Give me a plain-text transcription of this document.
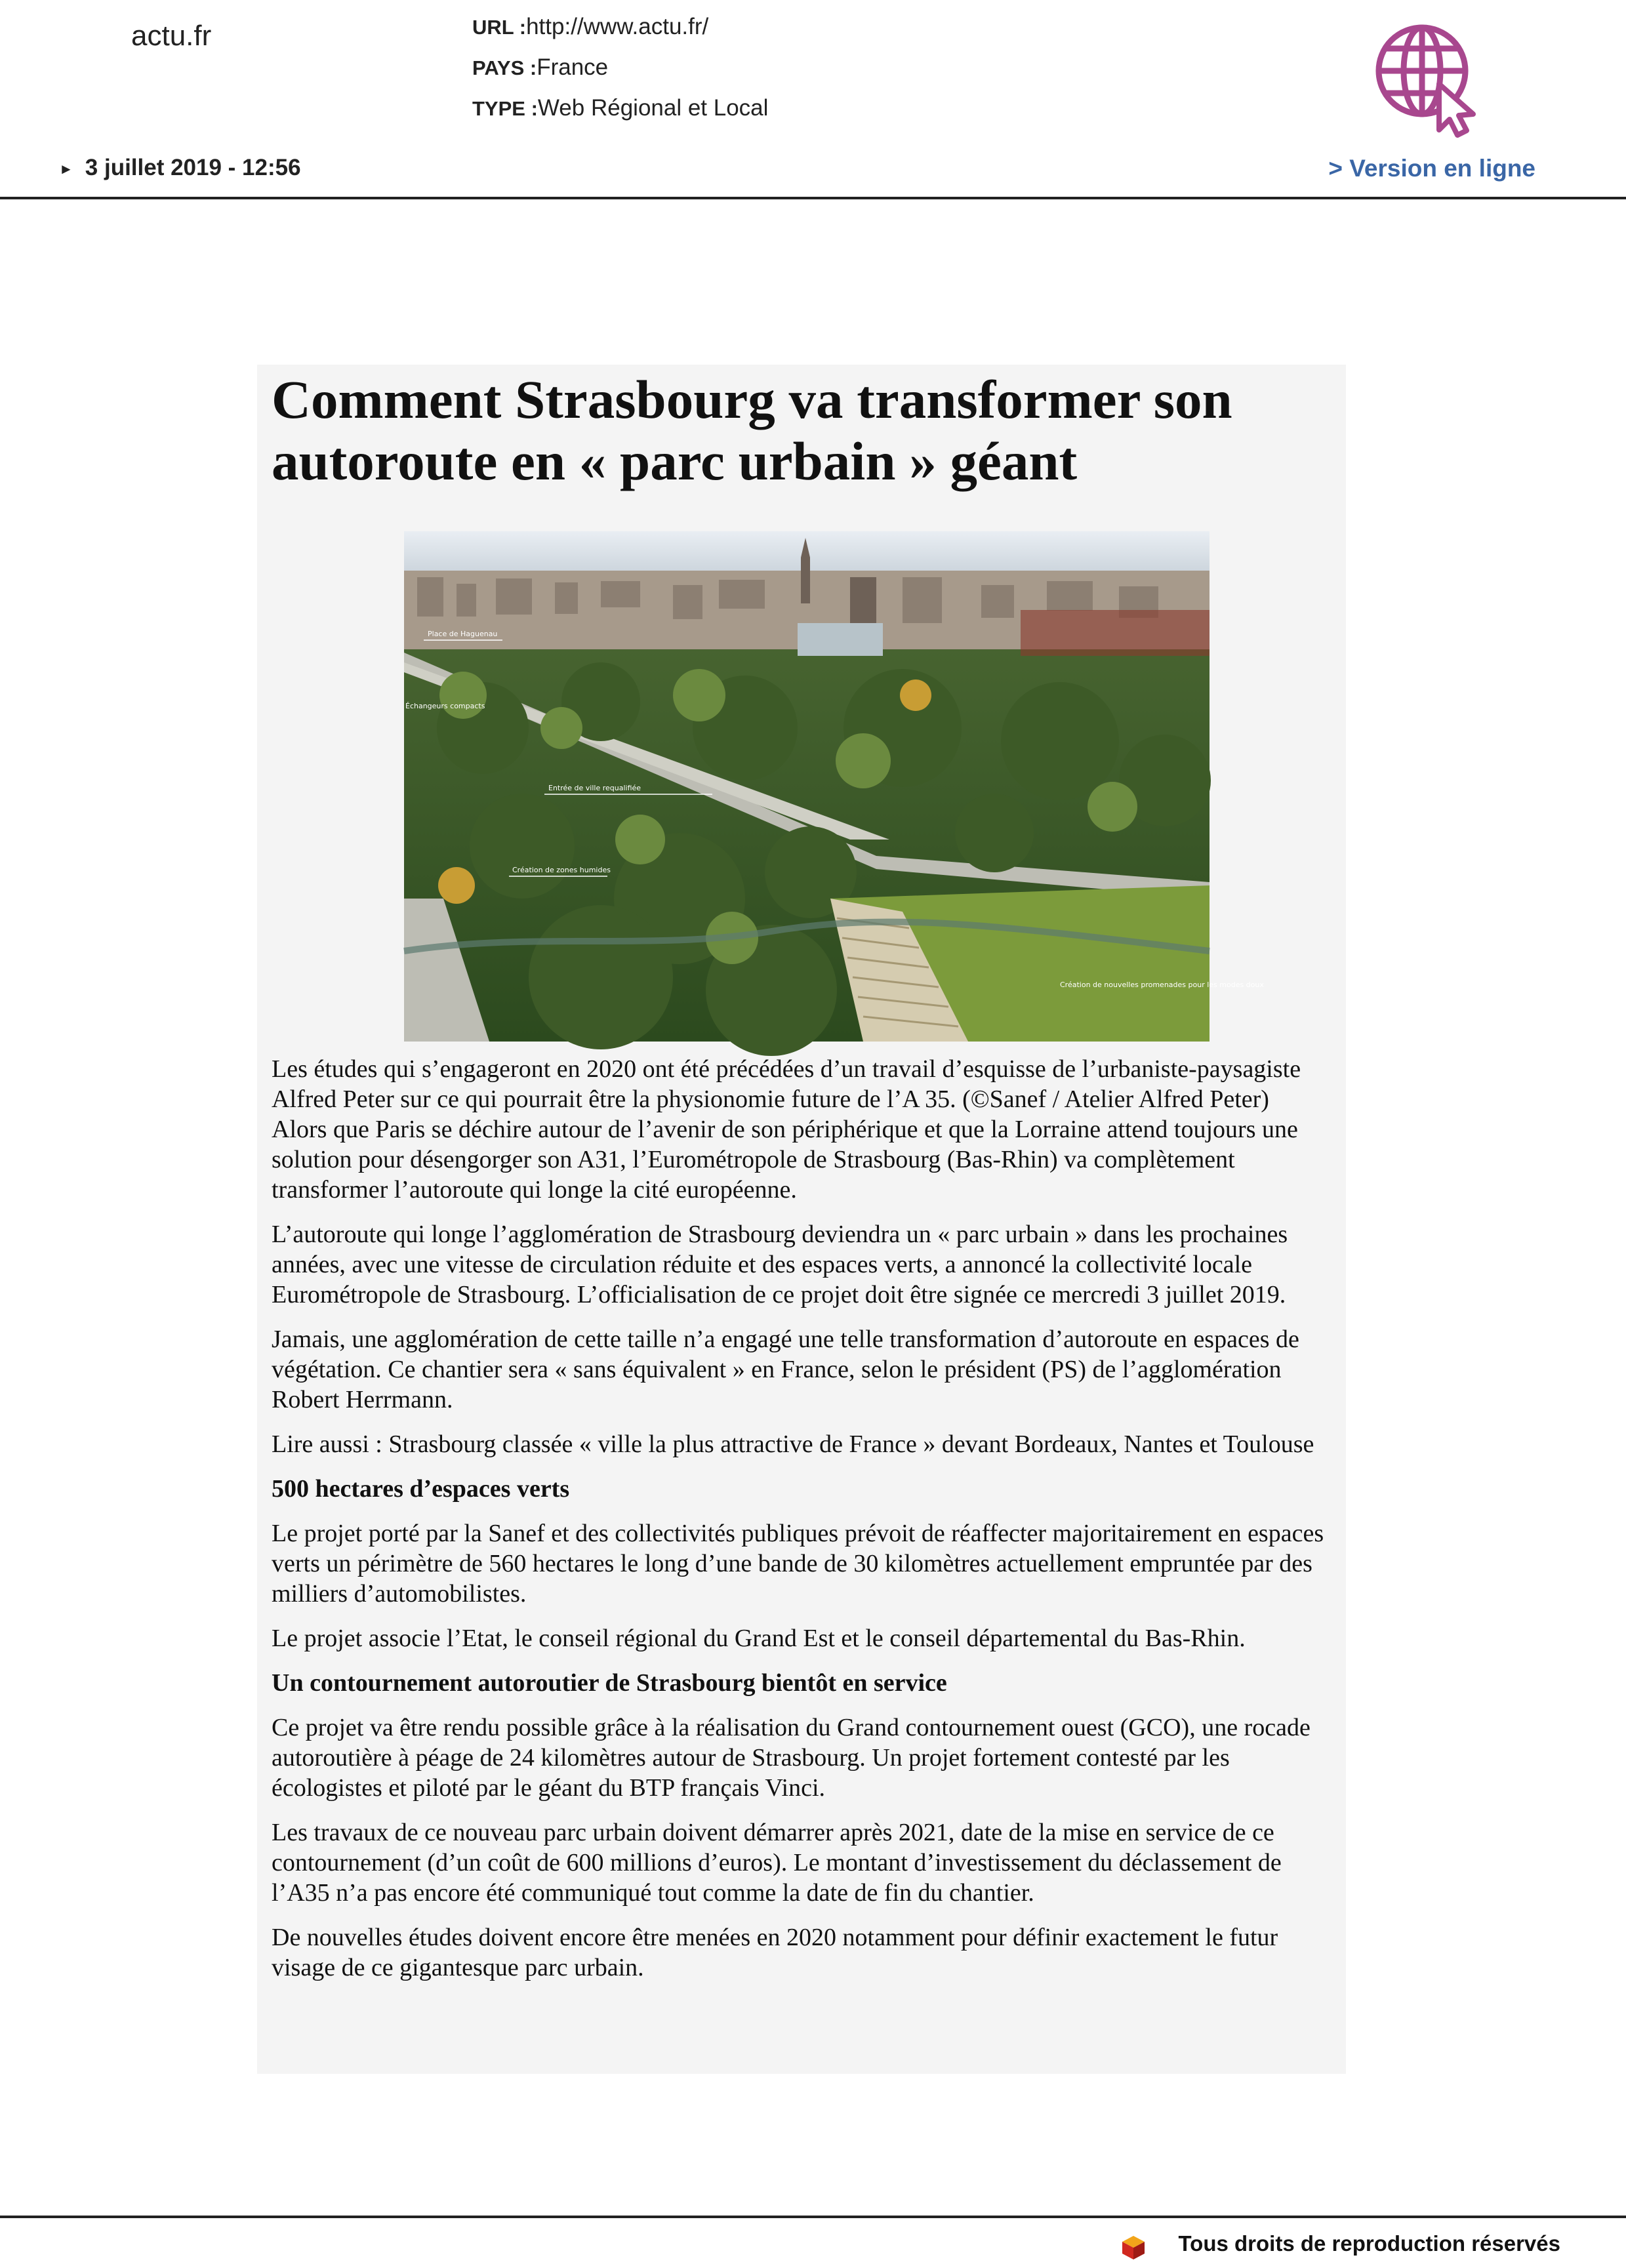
actu.fr	URL :http://www.actu.fr/
PAYS :France
TYPE :Web Régional et Local
► 3 juillet 2019 - 12:56	> Version en ligne
Comment Strasbourg va transformer son autoroute en « parc urbain » géant
Place de Haguenau
Échangeurs compacts
Entrée de ville requalifiée
Création de zones humides
Création de nouvelles promenades pour les modes doux

Les études qui s’engageront en 2020 ont été précédées d’un travail d’esquisse de l’urbaniste-paysagiste Alfred Peter sur ce qui pourrait être la physionomie future de l’A 35. (©Sanef / Atelier Alfred Peter)

Alors que Paris se déchire autour de l’avenir de son périphérique et que la Lorraine attend toujours une solution pour désengorger son A31, l’Eurométropole de Strasbourg (Bas-Rhin) va complètement transformer l’autoroute qui longe la cité européenne.

L’autoroute qui longe l’agglomération de Strasbourg deviendra un « parc urbain » dans les prochaines années, avec une vitesse de circulation réduite et des espaces verts, a annoncé la collectivité locale Eurométropole de Strasbourg. L’officialisation de ce projet doit être signée ce mercredi 3 juillet 2019.

Jamais, une agglomération de cette taille n’a engagé une telle transformation d’autoroute en espaces de végétation. Ce chantier sera « sans équivalent » en France, selon le président (PS) de l’agglomération Robert Herrmann.

Lire aussi : Strasbourg classée « ville la plus attractive de France » devant Bordeaux, Nantes et Toulouse

500 hectares d’espaces verts

Le projet porté par la Sanef et des collectivités publiques prévoit de réaffecter majoritairement en espaces verts un périmètre de 560 hectares le long d’une bande de 30 kilomètres actuellement empruntée par des milliers d’automobilistes.

Le projet associe l’Etat, le conseil régional du Grand Est et le conseil départemental du Bas-Rhin.

Un contournement autoroutier de Strasbourg bientôt en service

Ce projet va être rendu possible grâce à la réalisation du Grand contournement ouest (GCO), une rocade autoroutière à péage de 24 kilomètres autour de Strasbourg. Un projet fortement contesté par les écologistes et piloté par le géant du BTP français Vinci.

Les travaux de ce nouveau parc urbain doivent démarrer après 2021, date de la mise en service de ce contournement (d’un coût de 600 millions d’euros). Le montant d’investissement du déclassement de l’A35 n’a pas encore été communiqué tout comme la date de fin du chantier.

De nouvelles études doivent encore être menées en 2020 notamment pour définir exactement le futur visage de ce gigantesque parc urbain.

Tous droits de reproduction réservés
